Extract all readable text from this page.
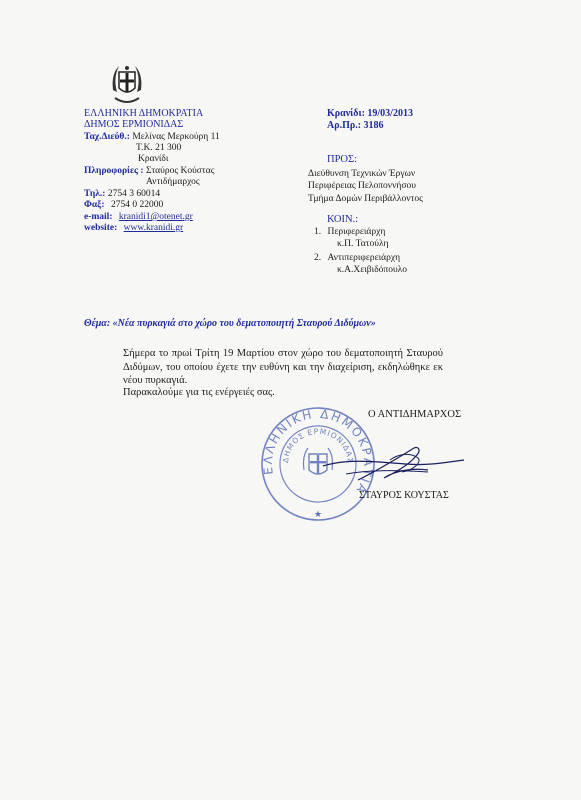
ΕΛΛΗΝΙΚΗ ΔΗΜΟΚΡΑΤΙΑ
ΔΗΜΟΣ ΕΡΜΙΟΝΙΔΑΣ
Ταχ.Διεύθ.: Μελίνας Μερκούρη 11
Τ.Κ. 21 300
Κρανίδι
Πληροφορίες : Σταύρος Κούστας
Αντιδήμαρχος
Τηλ.: 2754 3 60014
Φαξ: 2754 0 22000
e-mail: kranidi1@otenet.gr
website: www.kranidi.gr
Κρανίδι: 19/03/2013
Αρ.Πρ.: 3186
ΠΡΟΣ:
Διεύθυνση Τεχνικών Έργων
Περιφέρειας Πελοποννήσου
Τμήμα Δομών Περιβάλλοντος
ΚΟΙΝ.:
1. Περιφερειάρχη
κ.Π. Τατούλη
2. Αντιπεριφερειάρχη
κ.Α.Χειβιδόπουλο
Θέμα: «Νέα πυρκαγιά στο χώρο του δεματοποιητή Σταυρού Διδύμων»
Σήμερα το πρωί Τρίτη 19 Μαρτίου στον χώρο του δεματοποιητή Σταυρού Διδύμων, του οποίου έχετε την ευθύνη και την διαχείριση, εκδηλώθηκε εκ νέου πυρκαγιά.
Παρακαλούμε για τις ενέργειές σας.
ΕΛΛΗΝΙΚΗ ΔΗΜΟΚΡΑΤΙΑ
ΔΗΜΟΣ ΕΡΜΙΟΝΙΔΑΣ
★
Ο ΑΝΤΙΔΗΜΑΡΧΟΣ
ΣΤΑΥΡΟΣ ΚΟΥΣΤΑΣ
